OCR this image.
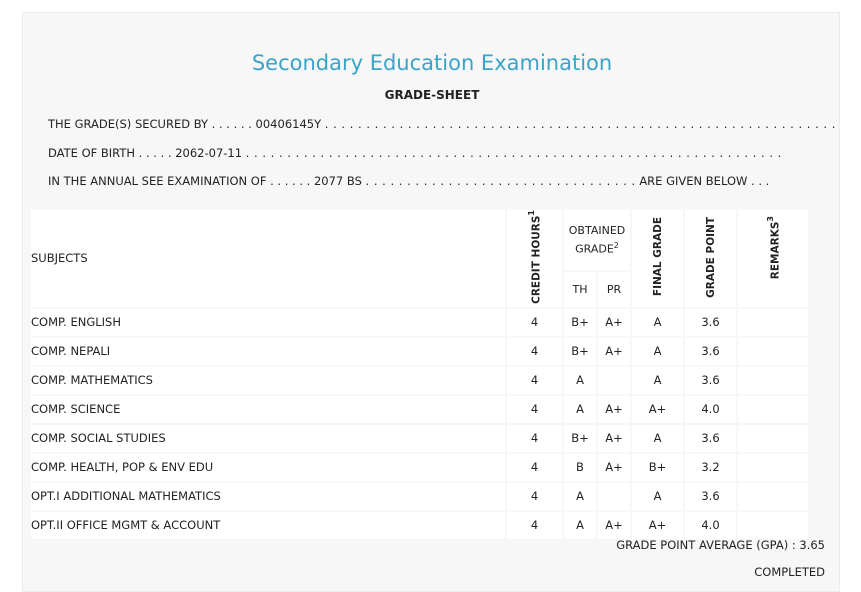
Secondary Education Examination
GRADE-SHEET
THE GRADE(S) SECURED BY . . . . . . 00406145Y . . . . . . . . . . . . . . . . . . . . . . . . . . . . . . . . . . . . . . . . . . . . . . . . . . . . . . . . . . . . . .
DATE OF BIRTH . . . . . 2062-07-11 . . . . . . . . . . . . . . . . . . . . . . . . . . . . . . . . . . . . . . . . . . . . . . . . . . . . . . . . . . . . . . . . .
IN THE ANNUAL SEE EXAMINATION OF . . . . . . 2077 BS . . . . . . . . . . . . . . . . . . . . . . . . . . . . . . . . . ARE GIVEN BELOW . . .
SUBJECTS	CREDIT HOURS$^1$	OBTAINED GRADE$^2$		FINAL GRADE	GRADE POINT	REMARKS$^3$
		TH	PR			
COMP. ENGLISH	4	B+	A+	A	3.6	
COMP. NEPALI	4	B+	A+	A	3.6	
COMP. MATHEMATICS	4	A		A	3.6	
COMP. SCIENCE	4	A	A+	A+	4.0	
COMP. SOCIAL STUDIES	4	B+	A+	A	3.6	
COMP. HEALTH, POP & ENV EDU	4	B	A+	B+	3.2	
OPT.I ADDITIONAL MATHEMATICS	4	A		A	3.6	
OPT.II OFFICE MGMT & ACCOUNT	4	A	A+	A+	4.0	
GRADE POINT AVERAGE (GPA) : 3.65
COMPLETED
